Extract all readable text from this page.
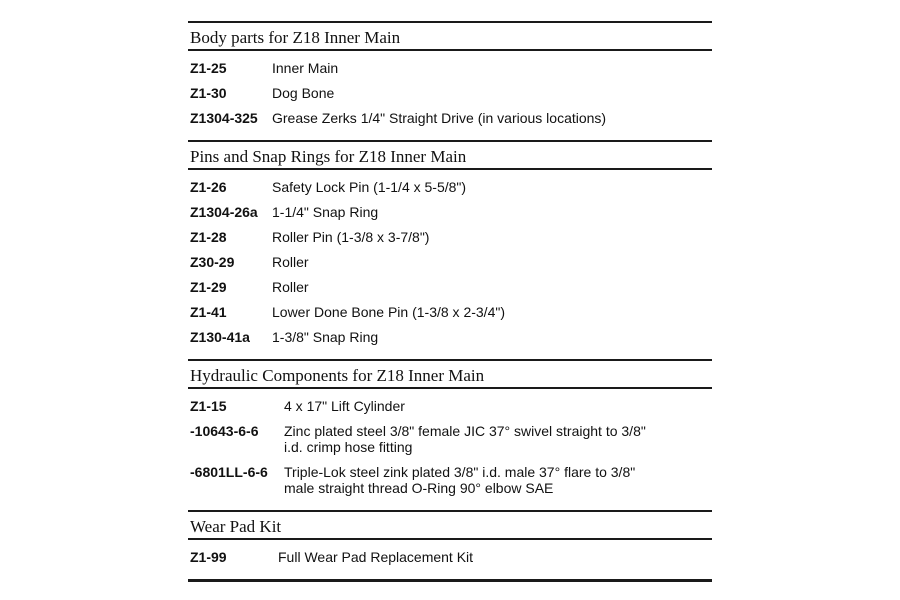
Body parts for Z18 Inner Main
Z1-25	Inner Main
Z1-30	Dog Bone
Z1304-325	Grease Zerks 1/4" Straight Drive (in various locations)
Pins and Snap Rings for Z18 Inner Main
Z1-26	Safety Lock Pin (1-1/4 x 5-5/8")
Z1304-26a	1-1/4" Snap Ring
Z1-28	Roller Pin (1-3/8 x 3-7/8")
Z30-29	Roller
Z1-29	Roller
Z1-41	Lower Done Bone Pin (1-3/8 x 2-3/4")
Z130-41a	1-3/8" Snap Ring
Hydraulic Components for Z18 Inner Main
Z1-15	4 x 17" Lift Cylinder
-10643-6-6	Zinc plated steel 3/8" female JIC 37° swivel straight to 3/8"
i.d. crimp hose fitting
-6801LL-6-6	Triple-Lok steel zink plated 3/8" i.d. male 37° flare to 3/8"
male straight thread O-Ring 90° elbow SAE
Wear Pad Kit
Z1-99	Full Wear Pad Replacement Kit
